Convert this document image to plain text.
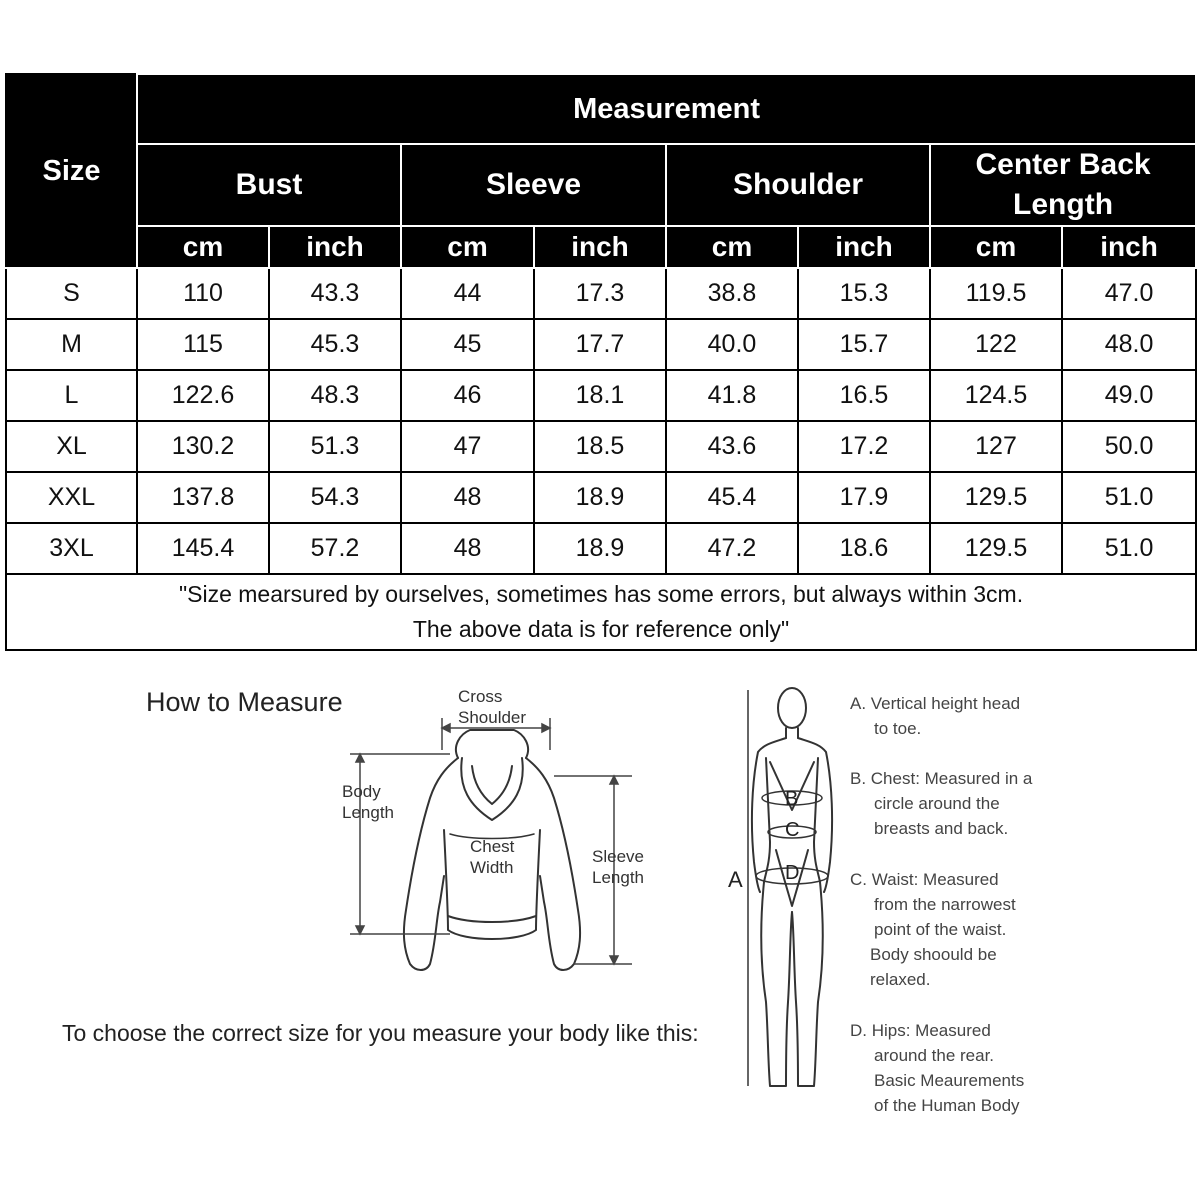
Size	Measurement							
	Bust		Sleeve		Shoulder		Center Back Length	
	cm	inch	cm	inch	cm	inch	cm	inch
S	110	43.3	44	17.3	38.8	15.3	119.5	47.0
M	115	45.3	45	17.7	40.0	15.7	122	48.0
L	122.6	48.3	46	18.1	41.8	16.5	124.5	49.0
XL	130.2	51.3	47	18.5	43.6	17.2	127	50.0
XXL	137.8	54.3	48	18.9	45.4	17.9	129.5	51.0
3XL	145.4	57.2	48	18.9	47.2	18.6	129.5	51.0

"Size mearsured by ourselves, sometimes has some errors, but always within 3cm.
The above data is for reference only"								
How to Measure	Cross
Shoulder
Body
Length
Chest
Width
Sleeve
Length
To choose the correct size for you measure your body like this:
A
B
C
D
A. Vertical height head
to toe.
B. Chest: Measured in a
circle around the
breasts and back.
C. Waist: Measured
from the narrowest
point of the waist.
Body shoould be
relaxed.
D. Hips: Measured
around the rear.
Basic Meaurements
of the Human Body
